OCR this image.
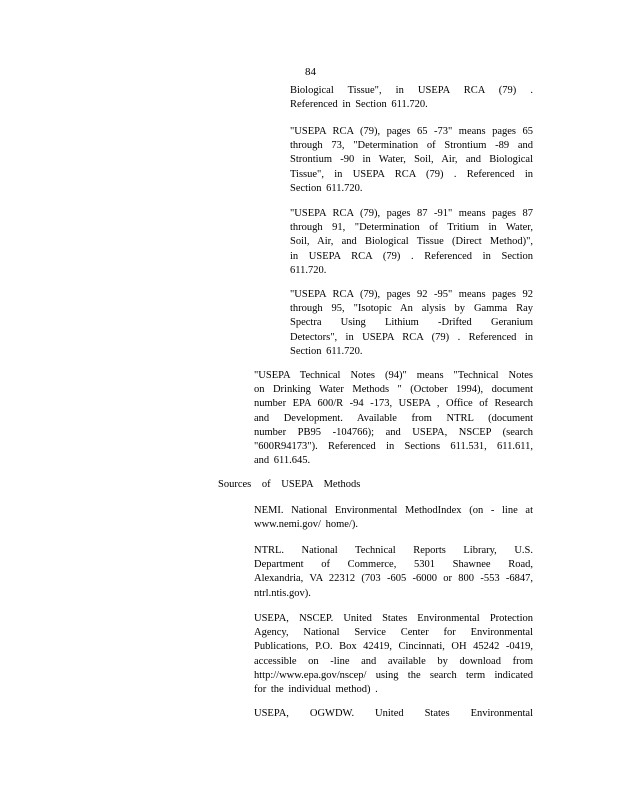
84

Biological Tissue", in USEPA RCA (79) .
Referenced in Section 611.720.

"USEPA RCA (79), pages 65 -73" means pages 65
through 73, "Determination of Strontium -89 and
Strontium -90 in Water, Soil, Air, and Biological
Tissue", in USEPA RCA (79) . Referenced in
Section 611.720.

"USEPA RCA (79), pages 87 -91" means pages 87
through 91, "Determination of Tritium in Water,
Soil, Air, and Biological Tissue (Direct Method)",
in USEPA RCA (79) . Referenced in Section
611.720.

"USEPA RCA (79), pages 92 -95" means pages 92
through 95, "Isotopic An alysis by Gamma Ray
Spectra Using Lithium -Drifted Geranium
Detectors", in USEPA RCA (79) . Referenced in
Section 611.720.

"USEPA Technical Notes (94)" means "Technical Notes
on Drinking Water Methods " (October 1994), document
number EPA 600/R -94 -173, USEPA , Office of Research
and Development. Available from NTRL (document
number PB95 -104766); and USEPA, NSCEP (search
"600R94173"). Referenced in Sections 611.531, 611.611,
and 611.645.

Sources of USEPA Methods

NEMI. National Environmental MethodIndex (on - line at
www.nemi.gov/ home/).

NTRL. National Technical Reports Library, U.S.
Department of Commerce, 5301 Shawnee Road,
Alexandria, VA 22312 (703 -605 -6000 or 800 -553 -6847,
ntrl.ntis.gov).

USEPA, NSCEP. United States Environmental Protection
Agency, National Service Center for Environmental
Publications, P.O. Box 42419, Cincinnati, OH 45242 -0419,
accessible on -line and available by download from
http://www.epa.gov/nscep/ using the search term indicated
for the individual method) .

USEPA, OGWDW. United States Environmental
